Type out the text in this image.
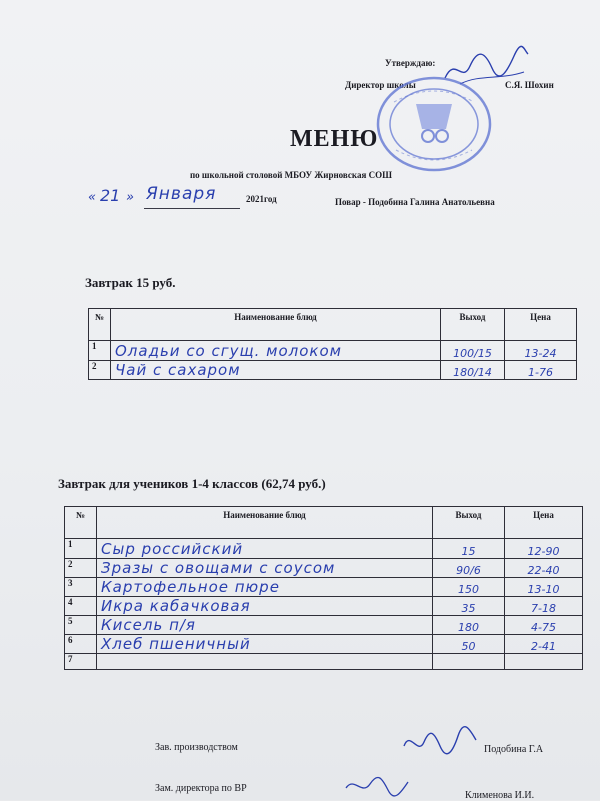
Утверждаю:
Директор школы	С.Я. Шохин
МЕНЮ
по школьной столовой МБОУ Жирновская СОШ
« 21 » Января	2021год	Повар - Подобина Галина Анатольевна
Завтрак 15 руб.
№	Наименование блюд	Выход	Цена
1	Оладьи со сгущ. молоком	100/15	13-24
2	Чай с сахаром	180/14	1-76
Завтрак для учеников 1-4 классов (62,74 руб.)
№	Наименование блюд	Выход	Цена
1	Сыр российский	15	12-90
2	Зразы с овощами с соусом	90/6	22-40
3	Картофельное пюре	150	13-10
4	Икра кабачковая	35	7-18
5	Кисель п/я	180	4-75
6	Хлеб пшеничный	50	2-41
7			
Зав. производством	Подобина Г.А
Зам. директора по ВР
Клименова И.И.
